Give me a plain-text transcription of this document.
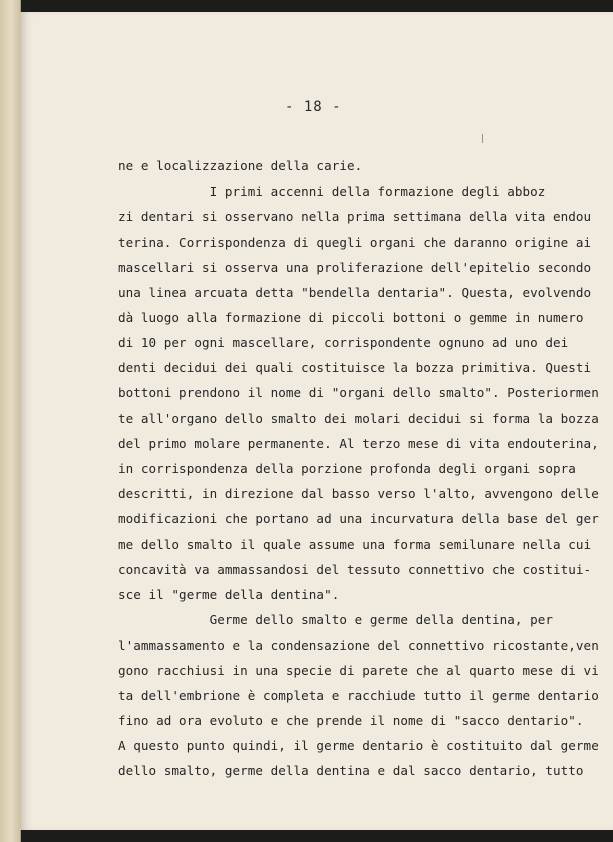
- 18 -
ne e localizzazione della carie.
I primi accenni della formazione degli abboz
zi dentari si osservano nella prima settimana della vita endou
terina. Corrispondenza di quegli organi che daranno origine ai
mascellari si osserva una proliferazione dell'epitelio secondo
una linea arcuata detta "bendella dentaria". Questa, evolvendo
dà luogo alla formazione di piccoli bottoni o gemme in numero
di 10 per ogni mascellare, corrispondente ognuno ad uno dei
denti decidui dei quali costituisce la bozza primitiva. Questi
bottoni prendono il nome di "organi dello smalto". Posteriormen
te all'organo dello smalto dei molari decidui si forma la bozza
del primo molare permanente. Al terzo mese di vita endouterina,
in corrispondenza della porzione profonda degli organi sopra
descritti, in direzione dal basso verso l'alto, avvengono delle
modificazioni che portano ad una incurvatura della base del ger
me dello smalto il quale assume una forma semilunare nella cui
concavità va ammassandosi del tessuto connettivo che costitui-
sce il "germe della dentina".
Germe dello smalto e germe della dentina, per
l'ammassamento e la condensazione del connettivo ricostante,ven
gono racchiusi in una specie di parete che al quarto mese di vi
ta dell'embrione è completa e racchiude tutto il germe dentario
fino ad ora evoluto e che prende il nome di "sacco dentario".
A questo punto quindi, il germe dentario è costituito dal germe
dello smalto, germe della dentina e dal sacco dentario, tutto
